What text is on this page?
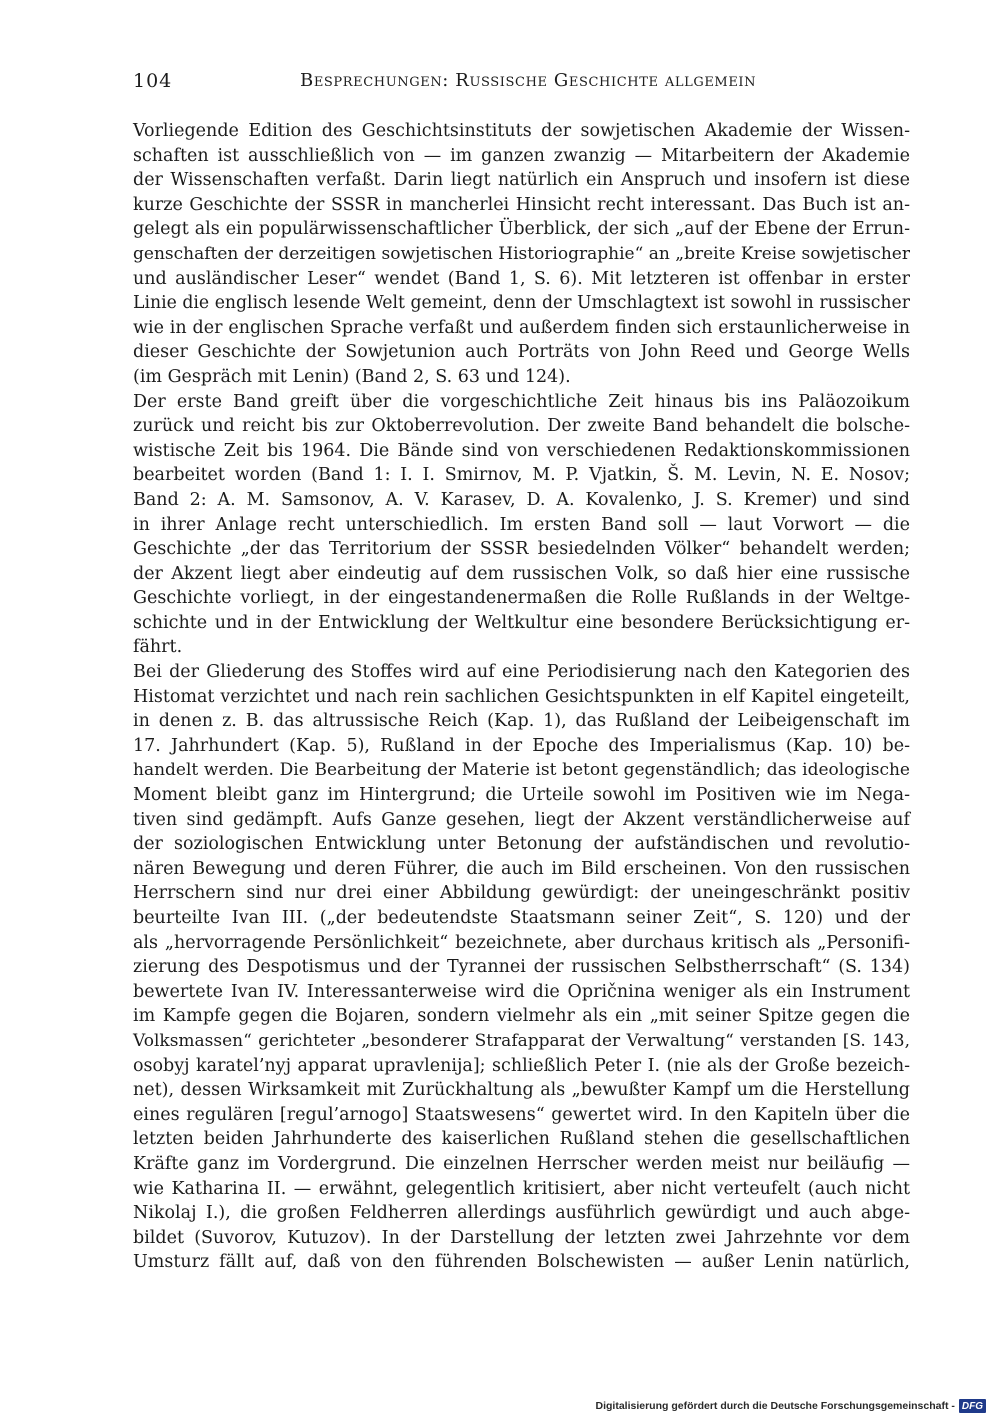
104	Besprechungen: Russische Geschichte allgemein
Vorliegende Edition des Geschichtsinstituts der sowjetischen Akademie der Wissen-
schaften ist ausschließlich von — im ganzen zwanzig — Mitarbeitern der Akademie
der Wissenschaften verfaßt. Darin liegt natürlich ein Anspruch und insofern ist diese
kurze Geschichte der SSSR in mancherlei Hinsicht recht interessant. Das Buch ist an-
gelegt als ein populärwissenschaftlicher Überblick, der sich „auf der Ebene der Errun-
genschaften der derzeitigen sowjetischen Historiographie“ an „breite Kreise sowjetischer
und ausländischer Leser“ wendet (Band 1, S. 6). Mit letzteren ist offenbar in erster
Linie die englisch lesende Welt gemeint, denn der Umschlagtext ist sowohl in russischer
wie in der englischen Sprache verfaßt und außerdem finden sich erstaunlicherweise in
dieser Geschichte der Sowjetunion auch Porträts von John Reed und George Wells
(im Gespräch mit Lenin) (Band 2, S. 63 und 124).
Der erste Band greift über die vorgeschichtliche Zeit hinaus bis ins Paläozoikum
zurück und reicht bis zur Oktoberrevolution. Der zweite Band behandelt die bolsche-
wistische Zeit bis 1964. Die Bände sind von verschiedenen Redaktionskommissionen
bearbeitet worden (Band 1: I. I. Smirnov, M. P. Vjatkin, Š. M. Levin, N. E. Nosov;
Band 2: A. M. Samsonov, A. V. Karasev, D. A. Kovalenko, J. S. Kremer) und sind
in ihrer Anlage recht unterschiedlich. Im ersten Band soll — laut Vorwort — die
Geschichte „der das Territorium der SSSR besiedelnden Völker“ behandelt werden;
der Akzent liegt aber eindeutig auf dem russischen Volk, so daß hier eine russische
Geschichte vorliegt, in der eingestandenermaßen die Rolle Rußlands in der Weltge-
schichte und in der Entwicklung der Weltkultur eine besondere Berücksichtigung er-
fährt.
Bei der Gliederung des Stoffes wird auf eine Periodisierung nach den Kategorien des
Histomat verzichtet und nach rein sachlichen Gesichtspunkten in elf Kapitel eingeteilt,
in denen z. B. das altrussische Reich (Kap. 1), das Rußland der Leibeigenschaft im
17. Jahrhundert (Kap. 5), Rußland in der Epoche des Imperialismus (Kap. 10) be-
handelt werden. Die Bearbeitung der Materie ist betont gegenständlich; das ideologische
Moment bleibt ganz im Hintergrund; die Urteile sowohl im Positiven wie im Nega-
tiven sind gedämpft. Aufs Ganze gesehen, liegt der Akzent verständlicherweise auf
der soziologischen Entwicklung unter Betonung der aufständischen und revolutio-
nären Bewegung und deren Führer, die auch im Bild erscheinen. Von den russischen
Herrschern sind nur drei einer Abbildung gewürdigt: der uneingeschränkt positiv
beurteilte Ivan III. („der bedeutendste Staatsmann seiner Zeit“, S. 120) und der
als „hervorragende Persönlichkeit“ bezeichnete, aber durchaus kritisch als „Personifi-
zierung des Despotismus und der Tyrannei der russischen Selbstherrschaft“ (S. 134)
bewertete Ivan IV. Interessanterweise wird die Opričnina weniger als ein Instrument
im Kampfe gegen die Bojaren, sondern vielmehr als ein „mit seiner Spitze gegen die
Volksmassen“ gerichteter „besonderer Strafapparat der Verwaltung“ verstanden [S. 143,
osobyj karatel’nyj apparat upravlenija]; schließlich Peter I. (nie als der Große bezeich-
net), dessen Wirksamkeit mit Zurückhaltung als „bewußter Kampf um die Herstellung
eines regulären [regul’arnogo] Staatswesens“ gewertet wird. In den Kapiteln über die
letzten beiden Jahrhunderte des kaiserlichen Rußland stehen die gesellschaftlichen
Kräfte ganz im Vordergrund. Die einzelnen Herrscher werden meist nur beiläufig —
wie Katharina II. — erwähnt, gelegentlich kritisiert, aber nicht verteufelt (auch nicht
Nikolaj I.), die großen Feldherren allerdings ausführlich gewürdigt und auch abge-
bildet (Suvorov, Kutuzov). In der Darstellung der letzten zwei Jahrzehnte vor dem
Umsturz fällt auf, daß von den führenden Bolschewisten — außer Lenin natürlich,
Digitalisierung gefördert durch die Deutsche Forschungsgemeinschaft - DFG
